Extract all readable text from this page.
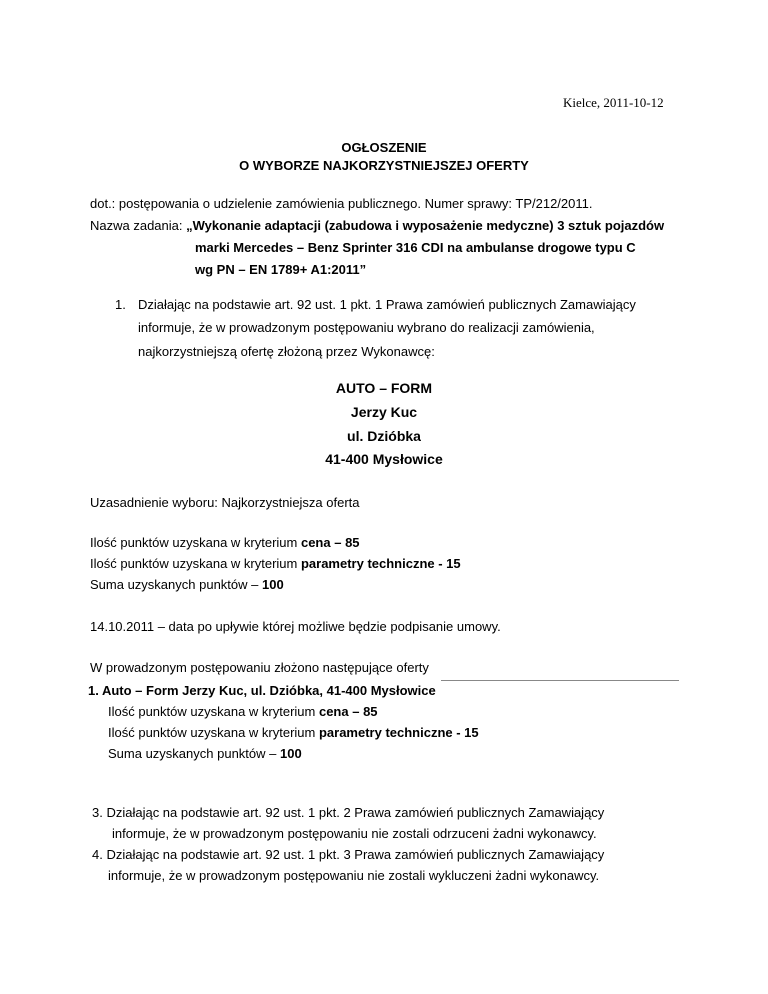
Kielce, 2011-10-12
OGŁOSZENIE
O WYBORZE NAJKORZYSTNIEJSZEJ OFERTY
dot.: postępowania o udzielenie zamówienia publicznego. Numer sprawy: TP/212/2011.
Nazwa zadania: „Wykonanie adaptacji (zabudowa i wyposażenie medyczne) 3 sztuk pojazdów
marki Mercedes – Benz Sprinter 316 CDI na ambulanse drogowe typu C
wg PN – EN 1789+ A1:2011”
1. Działając na podstawie art. 92 ust. 1 pkt. 1 Prawa zamówień publicznych Zamawiający
informuje, że w prowadzonym postępowaniu wybrano do realizacji zamówienia,
najkorzystniejszą ofertę złożoną przez Wykonawcę:
AUTO – FORM
Jerzy Kuc
ul. Dzióbka
41-400 Mysłowice
Uzasadnienie wyboru: Najkorzystniejsza oferta
Ilość punktów uzyskana w kryterium cena – 85
Ilość punktów uzyskana w kryterium parametry techniczne - 15
Suma uzyskanych punktów – 100
14.10.2011 – data po upływie której możliwe będzie podpisanie umowy.
W prowadzonym postępowaniu złożono następujące oferty
1. Auto – Form Jerzy Kuc, ul. Dzióbka, 41-400 Mysłowice
Ilość punktów uzyskana w kryterium cena – 85
Ilość punktów uzyskana w kryterium parametry techniczne - 15
Suma uzyskanych punktów – 100
3. Działając na podstawie art. 92 ust. 1 pkt. 2 Prawa zamówień publicznych Zamawiający
informuje, że w prowadzonym postępowaniu nie zostali odrzuceni żadni wykonawcy.
4. Działając na podstawie art. 92 ust. 1 pkt. 3 Prawa zamówień publicznych Zamawiający
informuje, że w prowadzonym postępowaniu nie zostali wykluczeni żadni wykonawcy.
